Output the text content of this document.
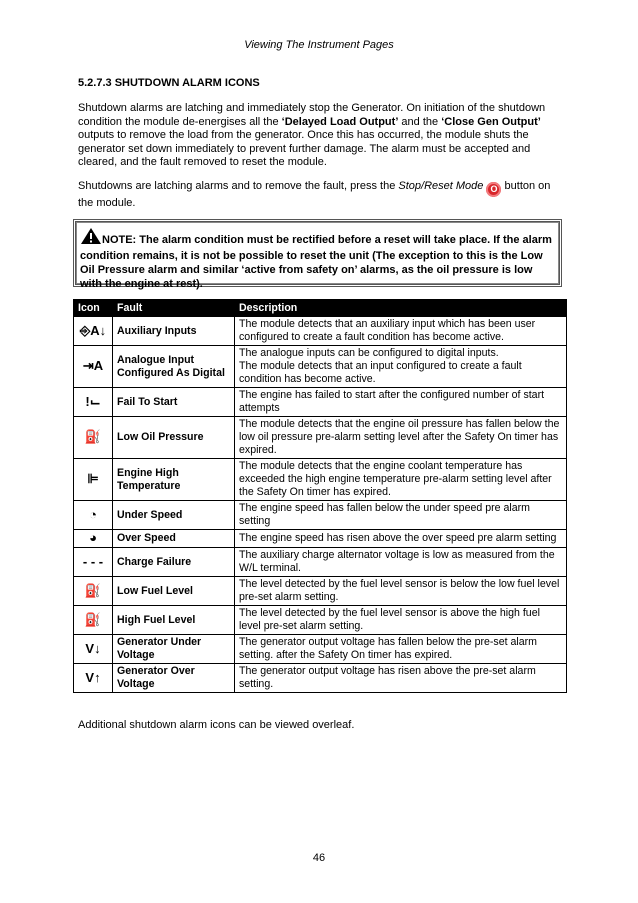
Viewing The Instrument Pages
5.2.7.3 SHUTDOWN ALARM ICONS
Shutdown alarms are latching and immediately stop the Generator. On initiation of the shutdown condition the module de-energises all the ‘Delayed Load Output’ and the ‘Close Gen Output’ outputs to remove the load from the generator. Once this has occurred, the module shuts the generator set down immediately to prevent further damage. The alarm must be accepted and cleared, and the fault removed to reset the module.
Shutdowns are latching alarms and to remove the fault, press the Stop/Reset Mode O button on the module.
NOTE: The alarm condition must be rectified before a reset will take place. If the alarm condition remains, it is not be possible to reset the unit (The exception to this is the Low Oil Pressure alarm and similar ‘active from safety on’ alarms, as the oil pressure is low with the engine at rest).
Icon	Fault	Description
⎆A↓	Auxiliary Inputs	The module detects that an auxiliary input which has been user configured to create a fault condition has become active.
⇥A	Analogue Input Configured As Digital	The analogue inputs can be configured to digital inputs.
The module detects that an input configured to create a fault condition has become active.
!⌙	Fail To Start	The engine has failed to start after the configured number of start attempts
⛽	Low Oil Pressure	The module detects that the engine oil pressure has fallen below the low oil pressure pre-alarm setting level after the Safety On timer has expired.
⊫	Engine High Temperature	The module detects that the engine coolant temperature has exceeded the high engine temperature pre-alarm setting level after the Safety On timer has expired.
◔	Under Speed	The engine speed has fallen below the under speed pre alarm setting
◕	Over Speed	The engine speed has risen above the over speed pre alarm setting
- - -	Charge Failure	The auxiliary charge alternator voltage is low as measured from the W/L terminal.
⛽	Low Fuel Level	The level detected by the fuel level sensor is below the low fuel level pre-set alarm setting.
⛽	High Fuel Level	The level detected by the fuel level sensor is above the high fuel level pre-set alarm setting.
V↓	Generator Under Voltage	The generator output voltage has fallen below the pre-set alarm setting. after the Safety On timer has expired.
V↑	Generator Over Voltage	The generator output voltage has risen above the pre-set alarm setting.
Additional shutdown alarm icons can be viewed overleaf.
46
